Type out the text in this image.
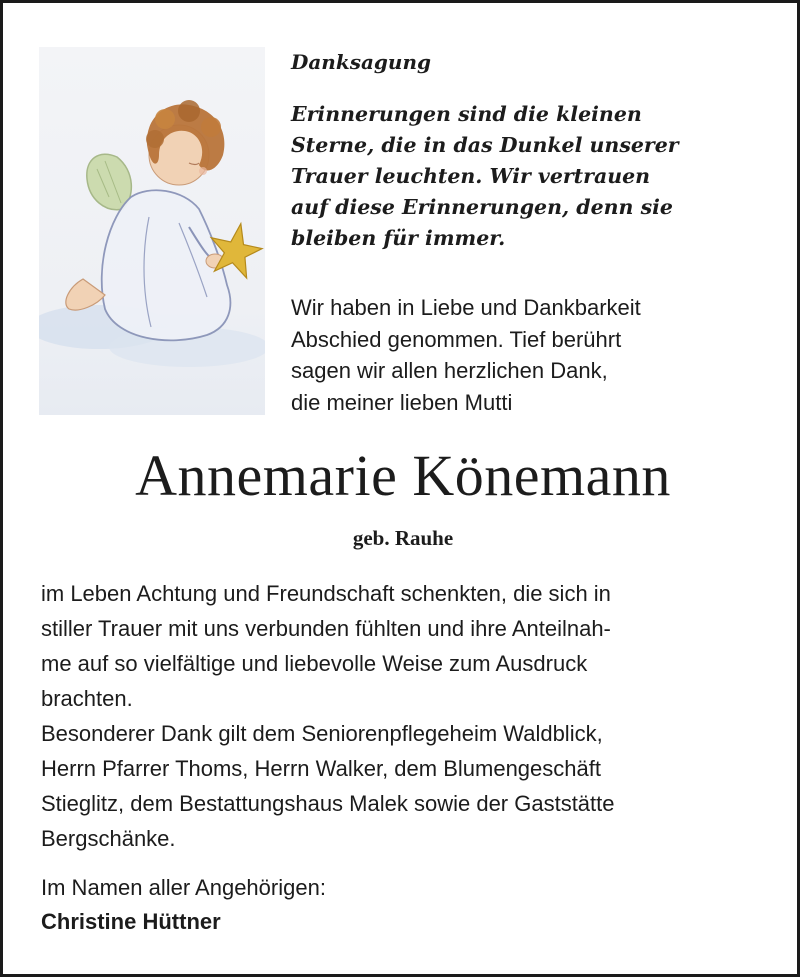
Danksagung
Erinnerungen sind die kleinen
Sterne, die in das Dunkel unserer
Trauer leuchten. Wir vertrauen
auf diese Erinnerungen, denn sie
bleiben für immer.
Wir haben in Liebe und Dankbarkeit
Abschied genommen. Tief berührt
sagen wir allen herzlichen Dank,
die meiner lieben Mutti
Annemarie Könemann
geb. Rauhe
im Leben Achtung und Freundschaft schenkten, die sich in
stiller Trauer mit uns verbunden fühlten und ihre Anteilnah-
me auf so vielfältige und liebevolle Weise zum Ausdruck
brachten.
Besonderer Dank gilt dem Seniorenpflegeheim Waldblick,
Herrn Pfarrer Thoms, Herrn Walker, dem Blumengeschäft
Stieglitz, dem Bestattungshaus Malek sowie der Gaststätte
Bergschänke.
Im Namen aller Angehörigen:
Christine Hüttner
